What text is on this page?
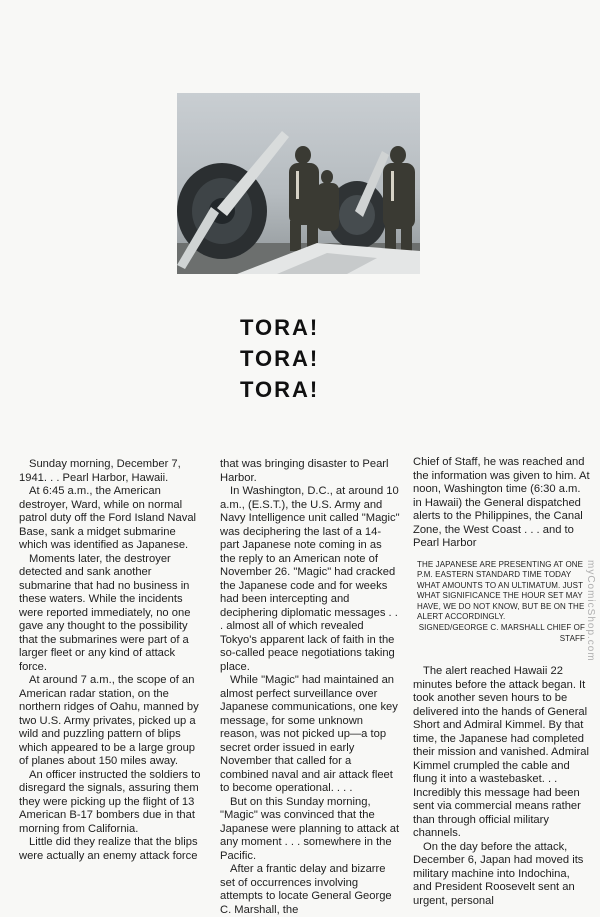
TORA!
TORA!
TORA!

Sunday morning, December 7, 1941. . . Pearl Harbor, Hawaii.

At 6:45 a.m., the American destroyer, Ward, while on normal patrol duty off the Ford Island Naval Base, sank a midget submarine which was identified as Japanese.

Moments later, the destroyer detected and sank another submarine that had no business in these waters. While the incidents were reported immediately, no one gave any thought to the possibility that the submarines were part of a larger fleet or any kind of attack force.

At around 7 a.m., the scope of an American radar station, on the northern ridges of Oahu, manned by two U.S. Army privates, picked up a wild and puzzling pattern of blips which appeared to be a large group of planes about 150 miles away.

An officer instructed the soldiers to disregard the signals, assuring them they were picking up the flight of 13 American B-17 bombers due in that morning from California.

Little did they realize that the blips were actually an enemy attack force

that was bringing disaster to Pearl Harbor.

In Washington, D.C., at around 10 a.m., (E.S.T.), the U.S. Army and Navy Intelligence unit called "Magic" was deciphering the last of a 14-part Japanese note coming in as the reply to an American note of November 26. "Magic" had cracked the Japanese code and for weeks had been intercepting and deciphering diplomatic messages . . . almost all of which revealed Tokyo's apparent lack of faith in the so-called peace negotiations taking place.

While "Magic" had maintained an almost perfect surveillance over Japanese communications, one key message, for some unknown reason, was not picked up—a top secret order issued in early November that called for a combined naval and air attack fleet to become operational. . . .

But on this Sunday morning, "Magic" was convinced that the Japanese were planning to attack at any moment . . . somewhere in the Pacific.

After a frantic delay and bizarre set of occurrences involving attempts to locate General George C. Marshall, the

Chief of Staff, he was reached and the information was given to him. At noon, Washington time (6:30 a.m. in Hawaii) the General dispatched alerts to the Philippines, the Canal Zone, the West Coast . . . and to Pearl Harbor

THE JAPANESE ARE PRESENTING AT ONE P.M. EASTERN STANDARD TIME TODAY WHAT AMOUNTS TO AN ULTIMATUM. JUST WHAT SIGNIFICANCE THE HOUR SET MAY HAVE, WE DO NOT KNOW, BUT BE ON THE ALERT ACCORDINGLY.
SIGNED/GEORGE C. MARSHALL CHIEF OF STAFF

The alert reached Hawaii 22 minutes before the attack began. It took another seven hours to be delivered into the hands of General Short and Admiral Kimmel. By that time, the Japanese had completed their mission and vanished. Admiral Kimmel crumpled the cable and flung it into a wastebasket. . . Incredibly this message had been sent via commercial means rather than through official military channels.

On the day before the attack, December 6, Japan had moved its military machine into Indochina, and President Roosevelt sent an urgent, personal

myComicShop.com
